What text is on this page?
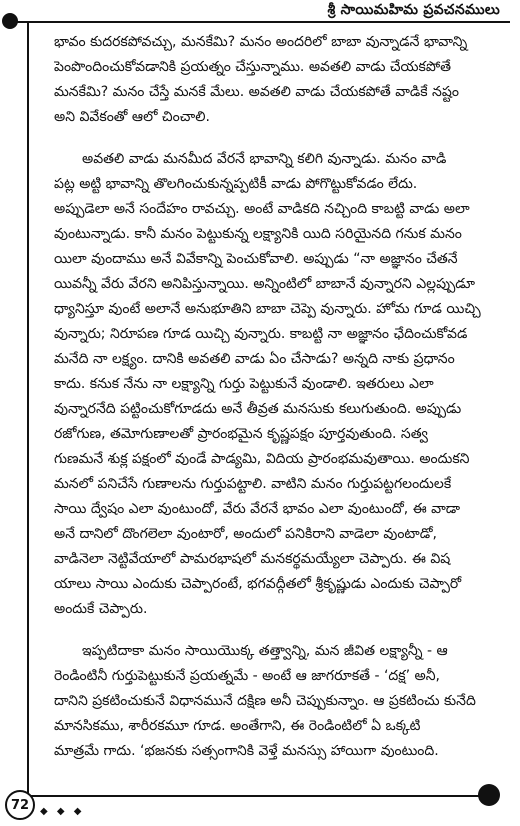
శ్రీ సాయిమహిమ ప్రవచనములు
భావం కుదరకపోవచ్చు, మనకేమి? మనం అందరిలో బాబా వున్నాడనే భావాన్ని
పెంపొందించుకోవడానికి ప్రయత్నం చేస్తున్నాము. అవతలి వాడు చేయకపోతే
మనకేమి? మనం చేస్తే మనకే మేలు. అవతలి వాడు చేయకపోతే వాడికే నష్టం
అని వివేకంతో ఆలో చించాలి.
అవతలి వాడు మనమీద వేరనే భావాన్ని కలిగి వున్నాడు. మనం వాడి
పట్ల అట్టి భావాన్ని తొలగించుకున్నప్పటికీ వాడు పోగొట్టుకోవడం లేదు.
అప్పుడెలా అనే సందేహం రావచ్చు. అంటే వాడికది నచ్చింది కాబట్టి వాడు అలా
వుంటున్నాడు. కానీ మనం పెట్టుకున్న లక్ష్యానికి యిది సరియైనది గనుక మనం
యిలా వుందాము అనే వివేకాన్ని పెంచుకోవాలి. అప్పుడు “నా అజ్ఞానం చేతనే
యివన్నీ వేరు వేరని అనిపిస్తున్నాయి. అన్నింటిలో బాబానే వున్నారని ఎల్లప్పుడూ
ధ్యానిస్తూ వుంటే అలానే అనుభూతిని బాబా చెప్పె వున్నారు. హోమ గూడ యిచ్చి
వున్నారు; నిరూపణ గూడ యిచ్చి వున్నారు. కాబట్టి నా అజ్ఞానం ఛేదించుకోవడ
మనేది నా లక్ష్యం. దానికి అవతలి వాడు ఏం చేసాడు? అన్నది నాకు ప్రధానం
కాదు. కనుక నేను నా లక్ష్యాన్ని గుర్తు పెట్టుకునే వుండాలి. ఇతరులు ఎలా
వున్నారనేది పట్టించుకోగూడదు అనే తీవ్రత మనసుకు కలుగుతుంది. అప్పుడు
రజోగుణ, తమోగుణాలతో ప్రారంభమైన కృష్ణపక్షం పూర్తవుతుంది. సత్వ
గుణమనే శుక్ల పక్షంలో వుండే పాడ్యమి, విదియ ప్రారంభమవుతాయి. అందుకని
మనలో పనిచేసే గుణాలను గుర్తుపట్టాలి. వాటిని మనం గుర్తుపట్టగలందులకే
సాయి ద్వేషం ఎలా వుంటుందో, వేరు వేరనే భావం ఎలా వుంటుందో, ఈ వాడా
అనే దానిలో దొంగలెలా వుంటారో, అందులో పనికిరాని వాడెలా వుంటాడో,
వాడినెలా నెట్టివేయాలో పామరభాషలో మనకర్థమయ్యేలా చెప్పారు. ఈ విష
యాలు సాయి ఎందుకు చెప్పారంటే, భగవద్గీతలో శ్రీకృష్ణుడు ఎందుకు చెప్పారో
అందుకే చెప్పారు.
ఇప్పటిదాకా మనం సాయియొక్క తత్త్వాన్ని, మన జీవిత లక్ష్యాన్నీ - ఆ
రెండింటినీ గుర్తుపెట్టుకునే ప్రయత్నమే - అంటే ఆ జాగరూకతే - ‘దక్ష’ అనీ,
దానిని ప్రకటించుకునే విధానమునే దక్షిణ అనీ చెప్పుకున్నాం. ఆ ప్రకటించు కునేది
మానసికము, శారీరకమూ గూడ. అంతేగాని, ఈ రెండింటిలో ఏ ఒక్కటి
మాత్రమే గాదు. ‘భజనకు సత్సంగానికి వెళ్తే మనస్సు హాయిగా వుంటుంది.
72	◆ ◆ ◆
